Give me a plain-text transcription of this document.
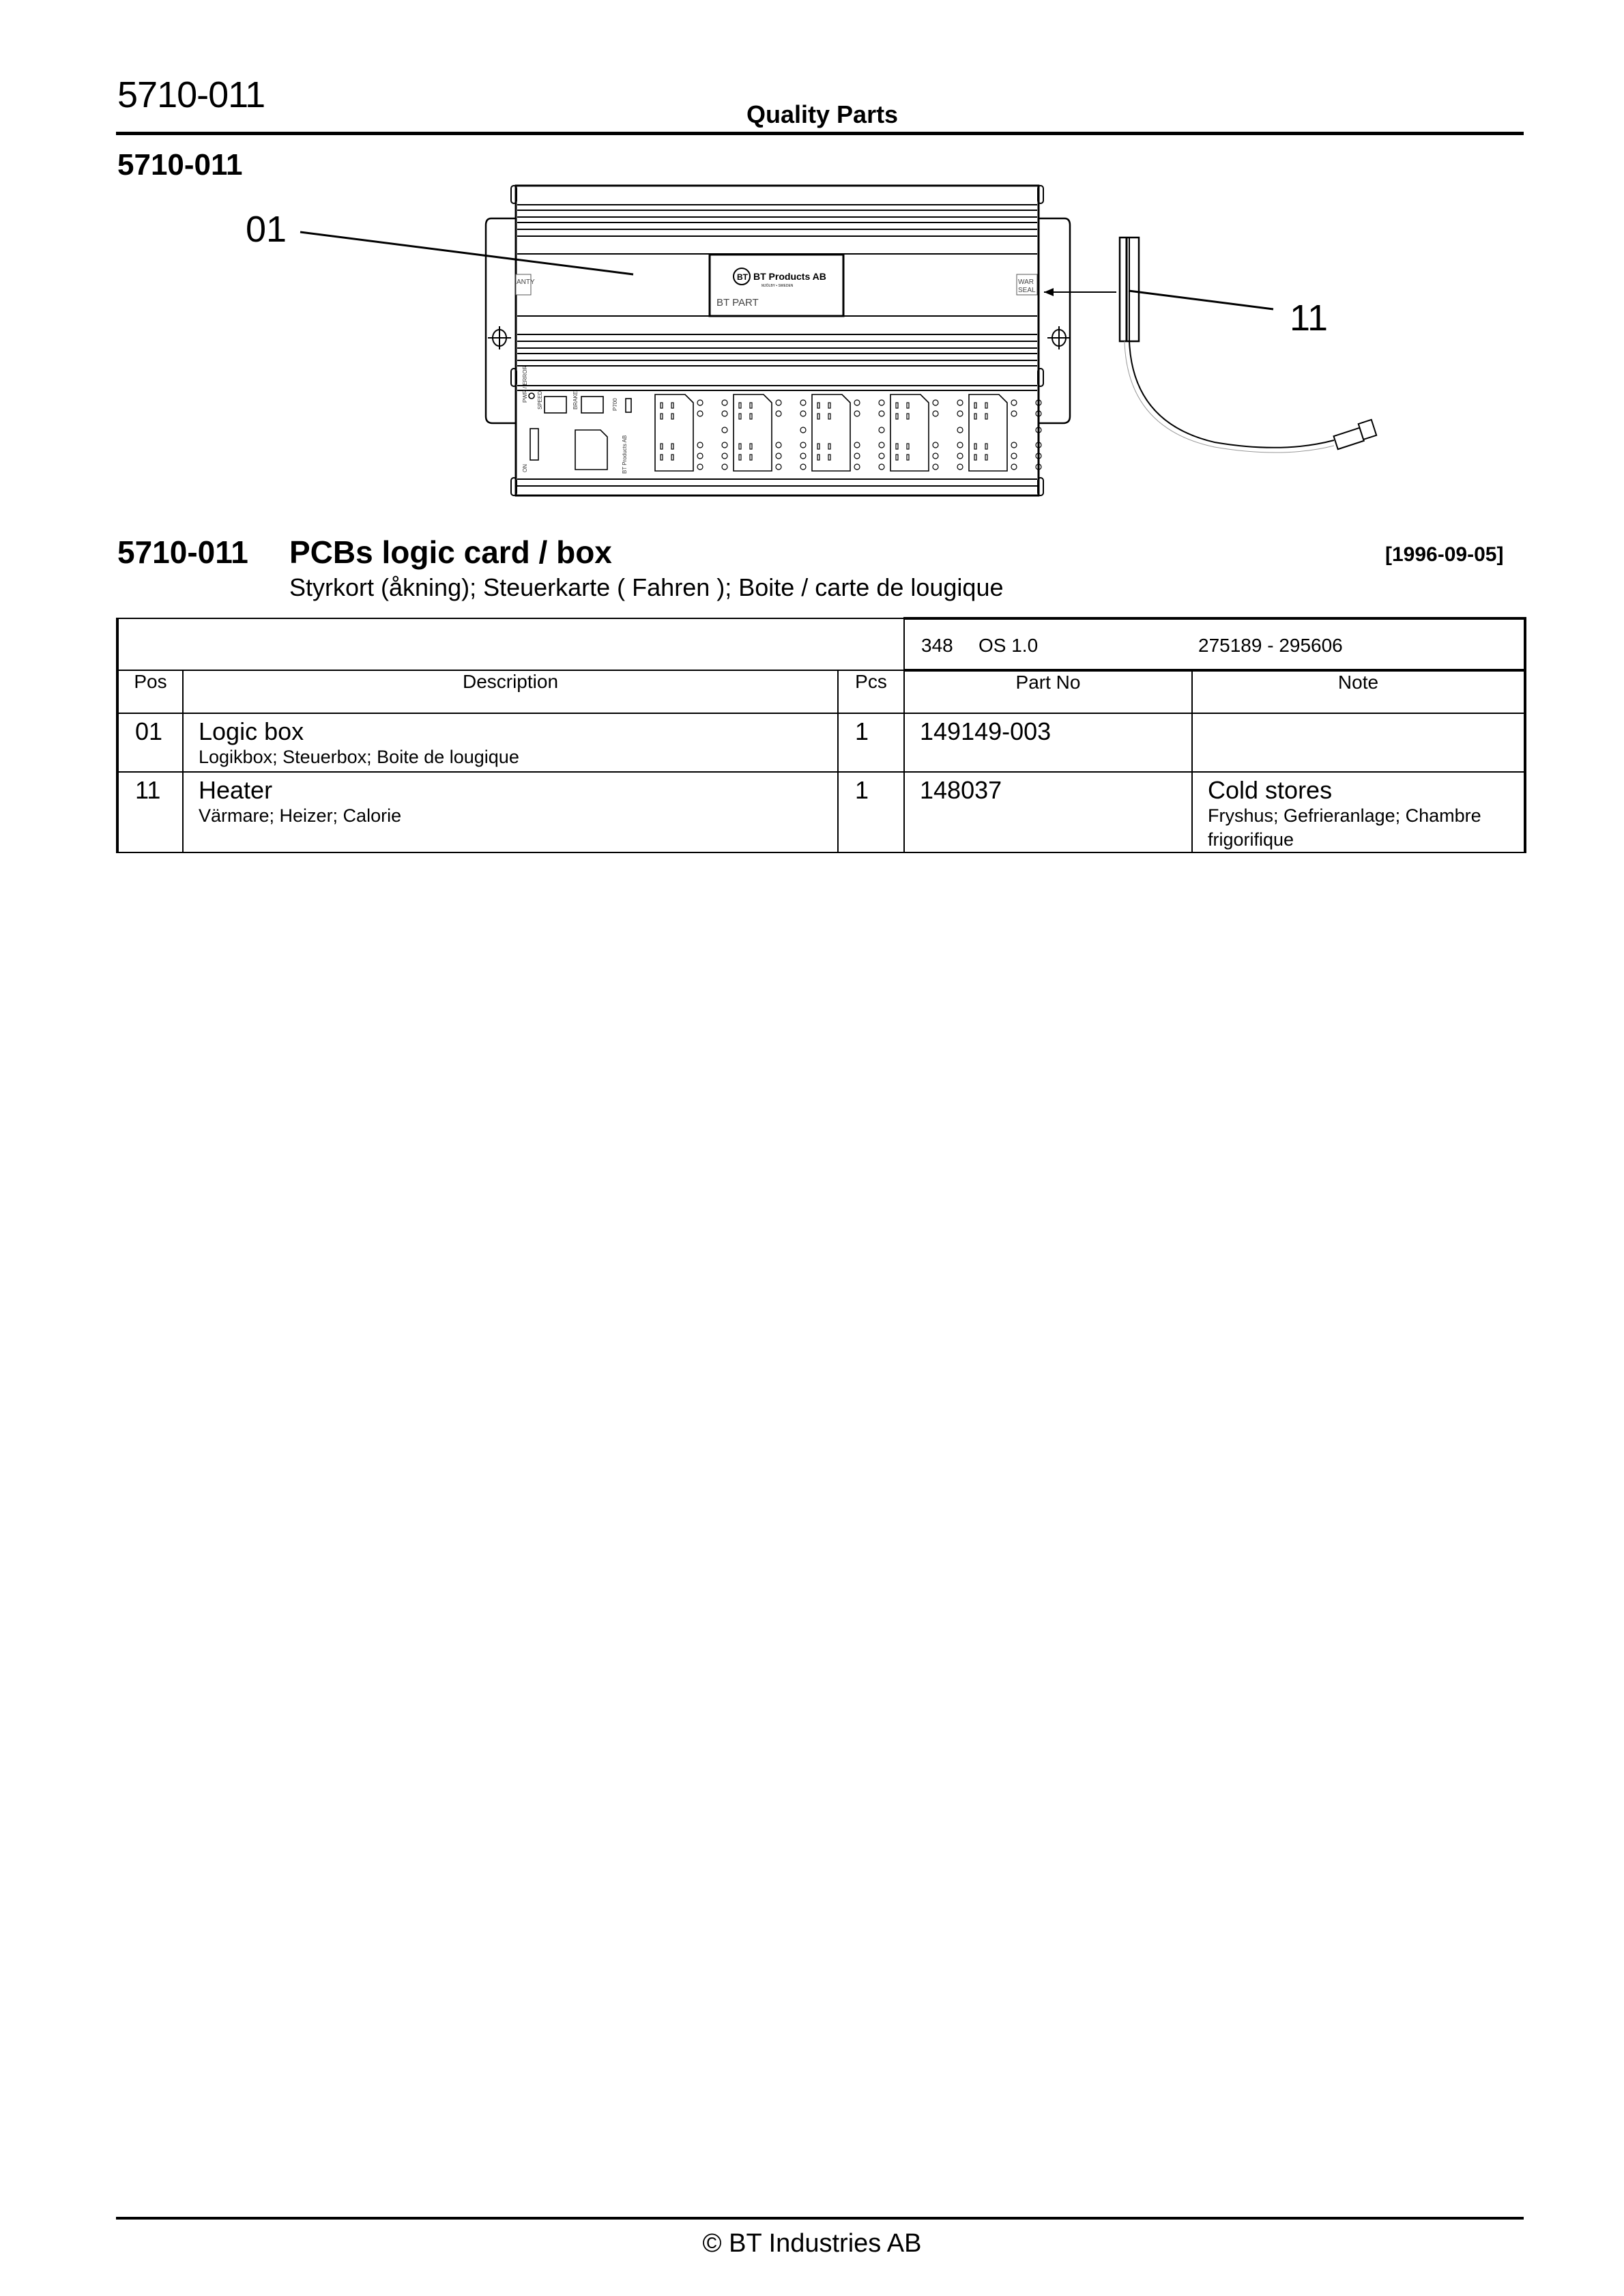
5710-011	Quality Parts
5710-011
01
BT BT Products AB
MJÖLBY • SWEDEN
BT PART
ANTY	WAR
SEAL
PWR / ERROR SPEED	BRAKE	P700
ON	BT Products AB
11
5710-011 PCBs logic card / box	[1996-09-05]
Styrkort (åkning); Steuerkarte ( Fahren ); Boite / carte de lougique

			348 OS 1.0 275189 - 295606	

Pos	Description	Pcs	Part No	Note

01	Logic box
Logikbox; Steuerbox; Boite de lougique	1	149149-003	

11	Heater
Värmare; Heizer; Calorie	1	148037	Cold stores
Fryshus; Gefrieranlage; Chambre frigorifique
© BT Industries AB
